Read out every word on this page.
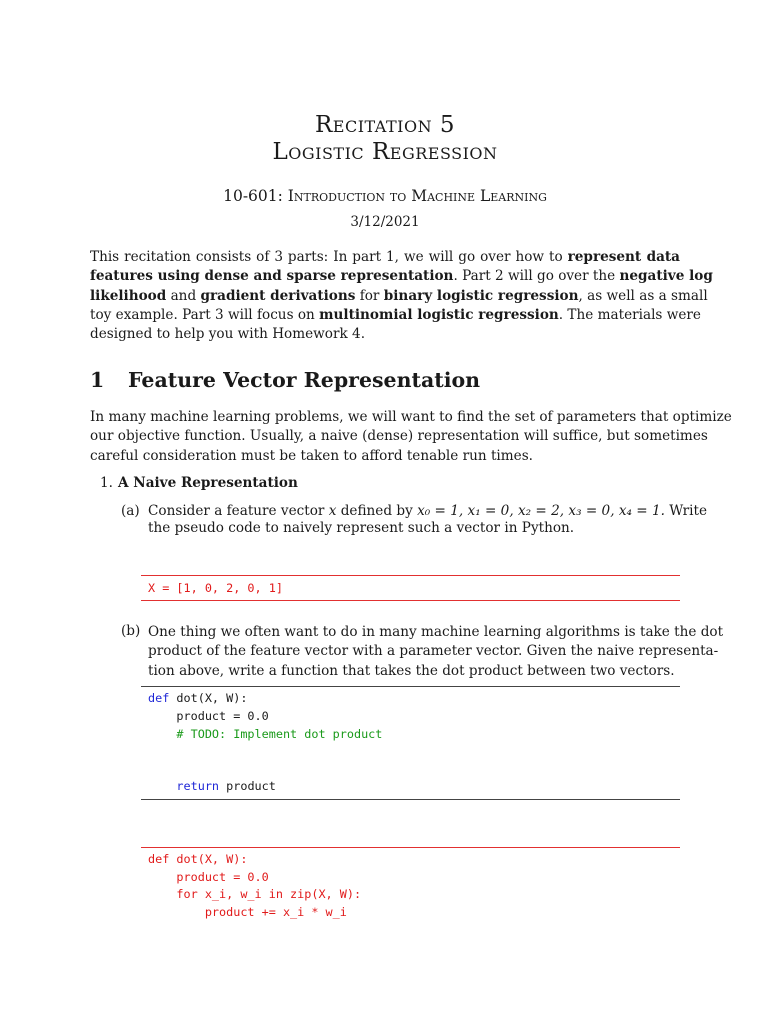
Recitation 5
Logistic Regression
10-601: Introduction to Machine Learning
3/12/2021
This recitation consists of 3 parts: In part 1, we will go over how to represent data
features using dense and sparse representation. Part 2 will go over the negative log
likelihood and gradient derivations for binary logistic regression, as well as a small
toy example. Part 3 will focus on multinomial logistic regression. The materials were
designed to help you with Homework 4.
1 Feature Vector Representation
In many machine learning problems, we will want to find the set of parameters that optimize
our objective function. Usually, a naive (dense) representation will suffice, but sometimes
careful consideration must be taken to afford tenable run times.
1. A Naive Representation
(a) Consider a feature vector x defined by x₀ = 1, x₁ = 0, x₂ = 2, x₃ = 0, x₄ = 1. Write
the pseudo code to naively represent such a vector in Python.
X = [1, 0, 2, 0, 1]
(b) One thing we often want to do in many machine learning algorithms is take the dot
product of the feature vector with a parameter vector. Given the naive representa-
tion above, write a function that takes the dot product between two vectors.
def dot(X, W):
product = 0.0
# TODO: Implement dot product
return product
def dot(X, W):
product = 0.0
for x_i, w_i in zip(X, W):
product += x_i * w_i
